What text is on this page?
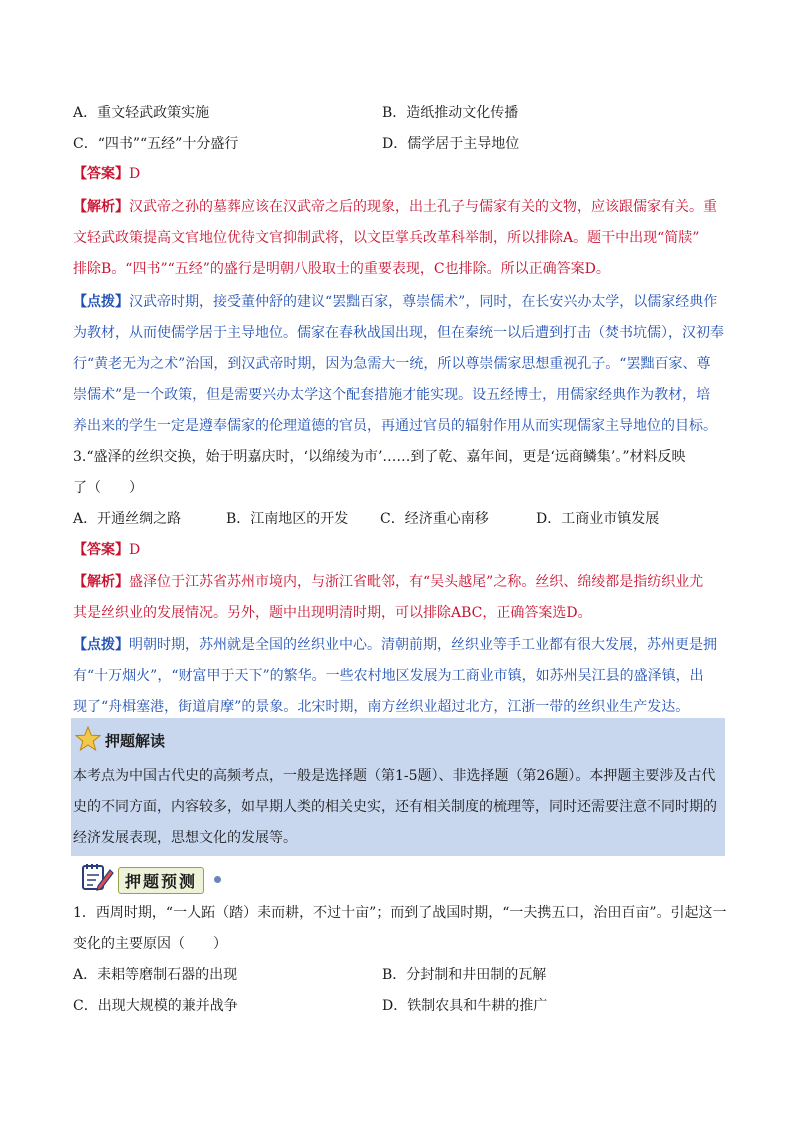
A．重文轻武政策实施	B．造纸推动文化传播
C．“四书”“五经”十分盛行	D．儒学居于主导地位
【答案】D
【解析】汉武帝之孙的墓葬应该在汉武帝之后的现象，出土孔子与儒家有关的文物，应该跟儒家有关。重
文轻武政策提高文官地位优待文官抑制武将，以文臣掌兵改革科举制，所以排除A。题干中出现“简牍”
排除B。“四书”“五经”的盛行是明朝八股取士的重要表现，C也排除。所以正确答案D。
【点拨】汉武帝时期，接受董仲舒的建议“罢黜百家，尊崇儒术”，同时，在长安兴办太学，以儒家经典作
为教材，从而使儒学居于主导地位。儒家在春秋战国出现，但在秦统一以后遭到打击（焚书坑儒），汉初奉
行“黄老无为之术”治国，到汉武帝时期，因为急需大一统，所以尊崇儒家思想重视孔子。“罢黜百家、尊
崇儒术”是一个政策，但是需要兴办太学这个配套措施才能实现。设五经博士，用儒家经典作为教材，培
养出来的学生一定是遵奉儒家的伦理道德的官员，再通过官员的辐射作用从而实现儒家主导地位的目标。
3.“盛泽的丝织交换，始于明嘉庆时，‘以绵绫为市’……到了乾、嘉年间，更是‘远商鳞集’。”材料反映
了（　　）
A．开通丝绸之路	B．江南地区的开发 C．经济重心南移	D．工商业市镇发展
【答案】D
【解析】盛泽位于江苏省苏州市境内，与浙江省毗邻，有“吴头越尾”之称。丝织、绵绫都是指纺织业尤
其是丝织业的发展情况。另外，题中出现明清时期，可以排除ABC，正确答案选D。
【点拨】明朝时期，苏州就是全国的丝织业中心。清朝前期，丝织业等手工业都有很大发展，苏州更是拥
有“十万烟火”，“财富甲于天下”的繁华。一些农村地区发展为工商业市镇，如苏州吴江县的盛泽镇，出
现了“舟楫塞港，街道肩摩”的景象。北宋时期，南方丝织业超过北方，江浙一带的丝织业生产发达。
押题解读
本考点为中国古代史的高频考点，一般是选择题（第1-5题）、非选择题（第26题）。本押题主要涉及古代
史的不同方面，内容较多，如早期人类的相关史实，还有相关制度的梳理等，同时还需要注意不同时期的
经济发展表现，思想文化的发展等。
押题预测
1．西周时期，“一人跖（踏）耒而耕，不过十亩”；而到了战国时期，“一夫携五口，治田百亩”。引起这一
变化的主要原因（　　）
A．耒耜等磨制石器的出现	B．分封制和井田制的瓦解
C．出现大规模的兼并战争	D．铁制农具和牛耕的推广
